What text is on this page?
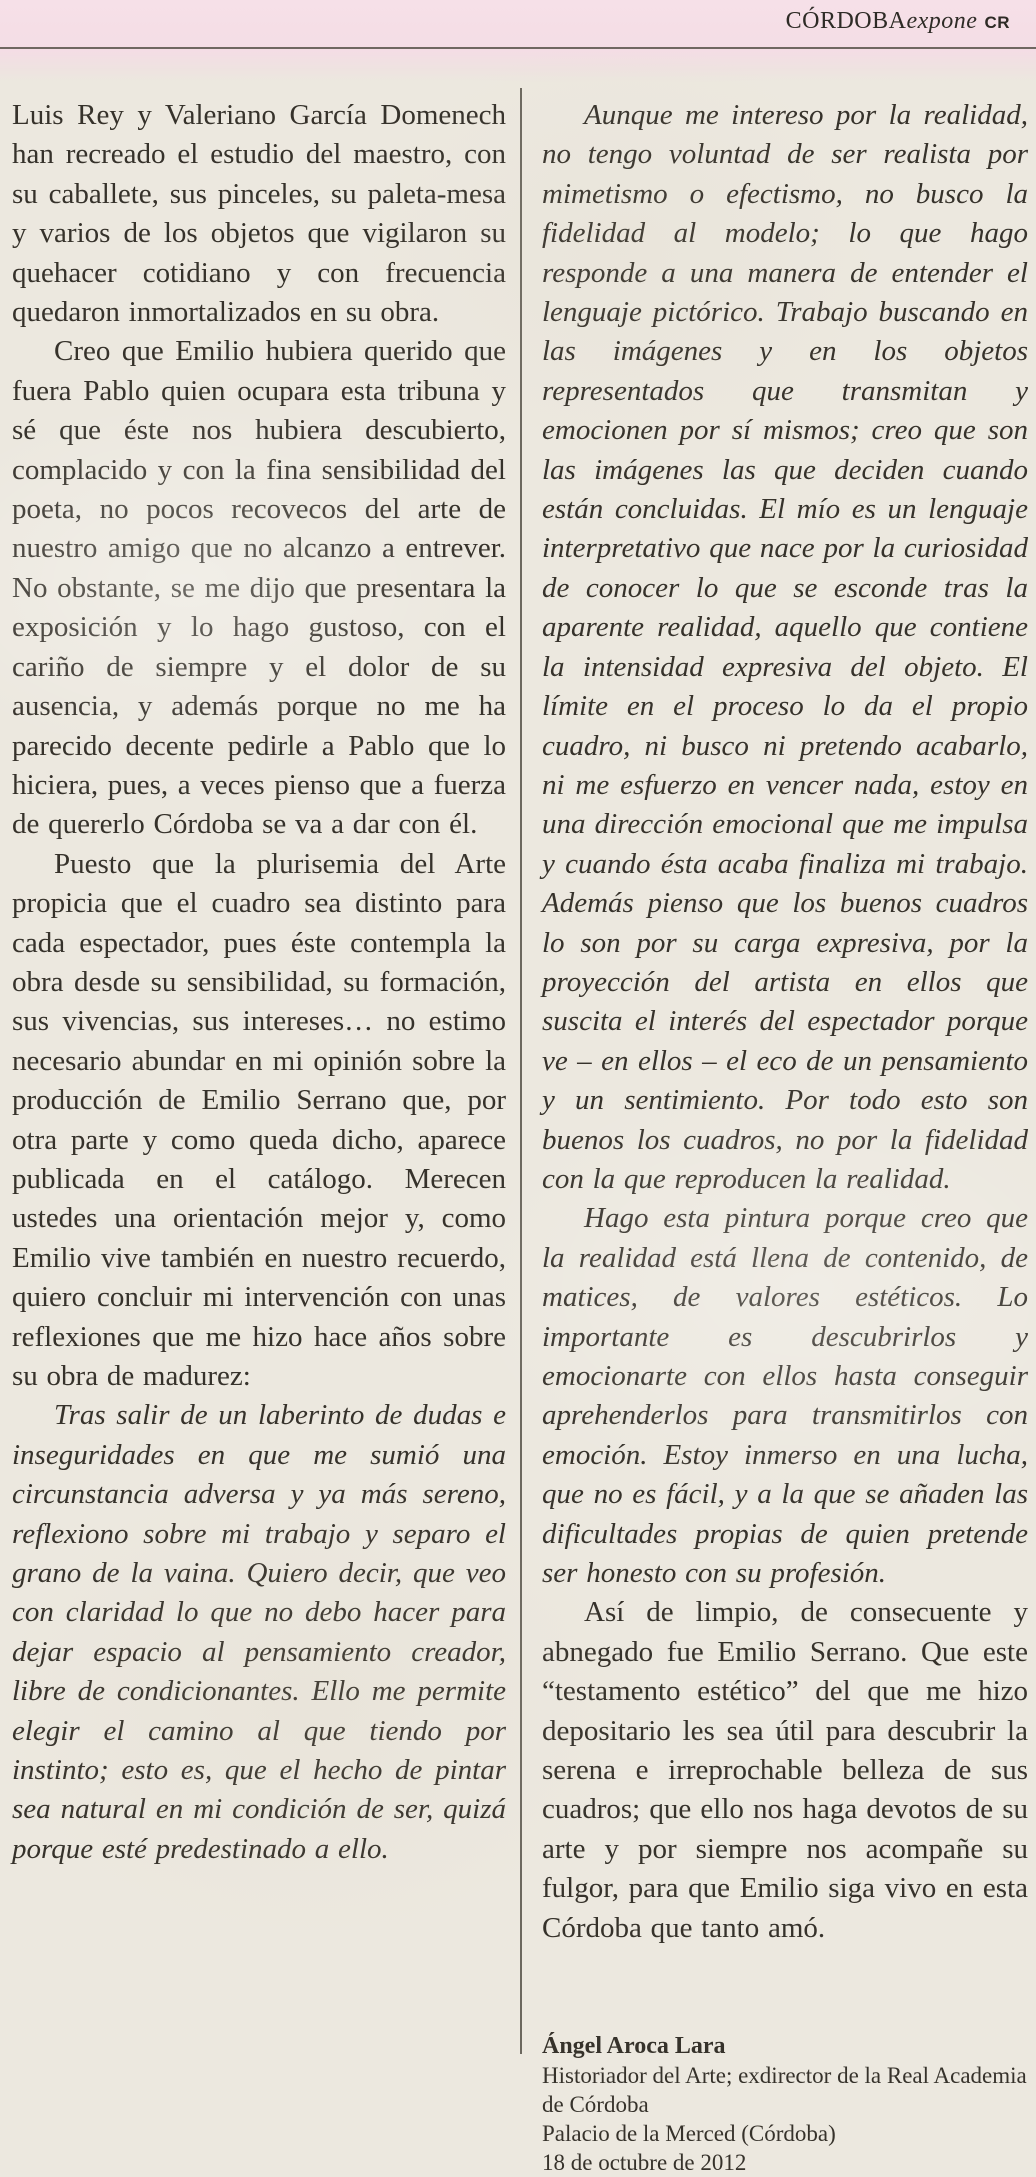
CÓRDOBAexpone CR

Luis Rey y Valeriano García Domenech han recreado el estudio del maestro, con su caballete, sus pinceles, su paleta-mesa y varios de los objetos que vigilaron su quehacer cotidiano y con frecuencia quedaron inmortalizados en su obra.

Creo que Emilio hubiera querido que fuera Pablo quien ocupara esta tribuna y sé que éste nos hubiera descubierto, complacido y con la fina sensibilidad del poeta, no pocos recovecos del arte de nuestro amigo que no alcanzo a entrever. No obstante, se me dijo que presentara la exposición y lo hago gustoso, con el cariño de siempre y el dolor de su ausencia, y además porque no me ha parecido decente pedirle a Pablo que lo hiciera, pues, a veces pienso que a fuerza de quererlo Córdoba se va a dar con él.

Puesto que la plurisemia del Arte propicia que el cuadro sea distinto para cada espectador, pues éste contempla la obra desde su sensibilidad, su formación, sus vivencias, sus intereses… no estimo necesario abundar en mi opinión sobre la producción de Emilio Serrano que, por otra parte y como queda dicho, aparece publicada en el catálogo. Merecen ustedes una orientación mejor y, como Emilio vive también en nuestro recuerdo, quiero concluir mi intervención con unas reflexiones que me hizo hace años sobre su obra de madurez:

Tras salir de un laberinto de dudas e inseguridades en que me sumió una circunstancia adversa y ya más sereno, reflexiono sobre mi trabajo y separo el grano de la vaina. Quiero decir, que veo con claridad lo que no debo hacer para dejar espacio al pensamiento creador, libre de condicionantes. Ello me permite elegir el camino al que tiendo por instinto; esto es, que el hecho de pintar sea natural en mi condición de ser, quizá porque esté predestinado a ello.

Aunque me intereso por la realidad, no tengo voluntad de ser realista por mimetismo o efectismo, no busco la fidelidad al modelo; lo que hago responde a una manera de entender el lenguaje pictórico. Trabajo buscando en las imágenes y en los objetos representados que transmitan y emocionen por sí mismos; creo que son las imágenes las que deciden cuando están concluidas. El mío es un lenguaje interpretativo que nace por la curiosidad de conocer lo que se esconde tras la aparente realidad, aquello que contiene la intensidad expresiva del objeto. El límite en el proceso lo da el propio cuadro, ni busco ni pretendo acabarlo, ni me esfuerzo en vencer nada, estoy en una dirección emocional que me impulsa y cuando ésta acaba finaliza mi trabajo. Además pienso que los buenos cuadros lo son por su carga expresiva, por la proyección del artista en ellos que suscita el interés del espectador porque ve – en ellos – el eco de un pensamiento y un sentimiento. Por todo esto son buenos los cuadros, no por la fidelidad con la que reproducen la realidad.

Hago esta pintura porque creo que la realidad está llena de contenido, de matices, de valores estéticos. Lo importante es descubrirlos y emocionarte con ellos hasta conseguir aprehenderlos para transmitirlos con emoción. Estoy inmerso en una lucha, que no es fácil, y a la que se añaden las dificultades propias de quien pretende ser honesto con su profesión.

Así de limpio, de consecuente y abnegado fue Emilio Serrano. Que este “testamento estético” del que me hizo depositario les sea útil para descubrir la serena e irreprochable belleza de sus cuadros; que ello nos haga devotos de su arte y por siempre nos acompañe su fulgor, para que Emilio siga vivo en esta Córdoba que tanto amó.

Ángel Aroca Lara
Historiador del Arte; exdirector de la Real Academia de Córdoba
Palacio de la Merced (Córdoba)
18 de octubre de 2012
